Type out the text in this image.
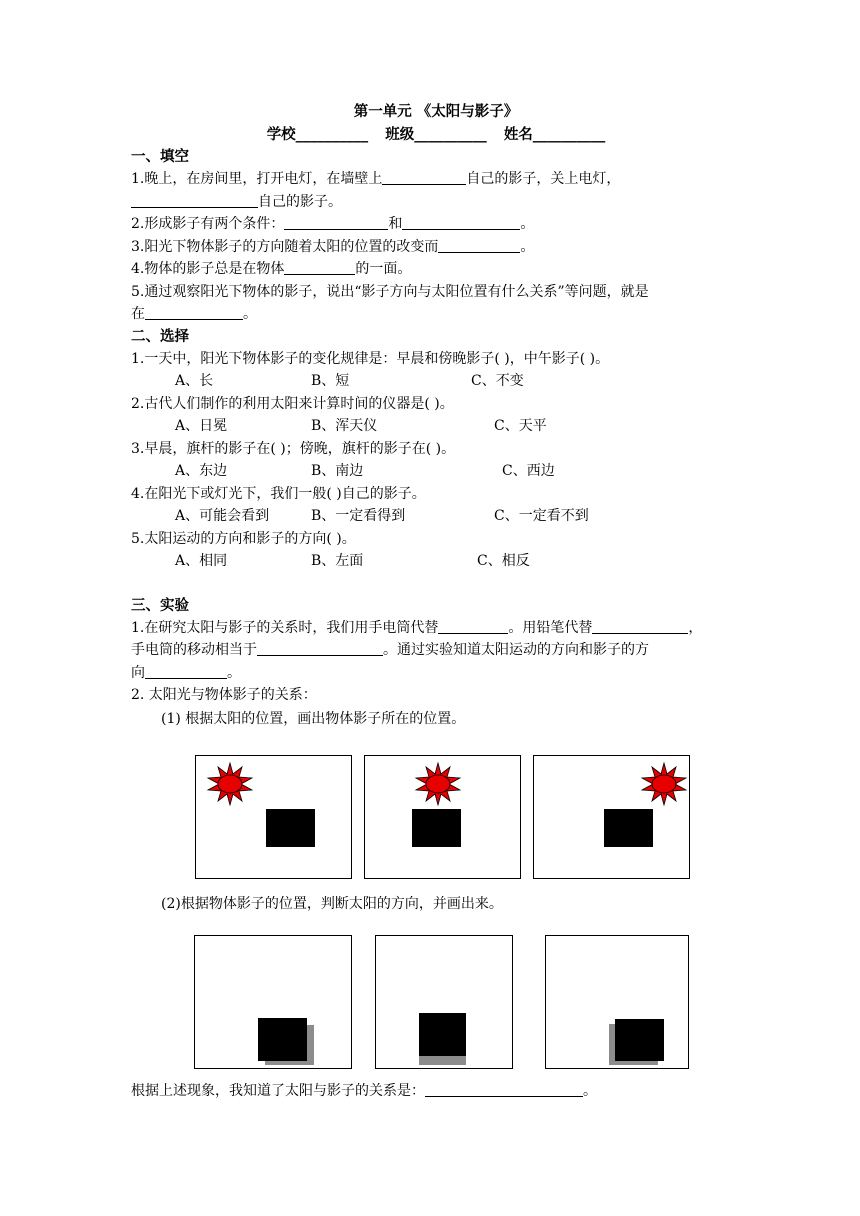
第一单元 《太阳与影子》
学校__________ 班级__________ 姓名__________
一、填空
1.晚上，在房间里，打开电灯，在墙壁上	自己的影子，关上电灯，
自己的影子。
2.形成影子有两个条件：	和	。
3.阳光下物体影子的方向随着太阳的位置的改变而	。
4.物体的影子总是在物体	的一面。
5.通过观察阳光下物体的影子，说出“影子方向与太阳位置有什么关系”等问题，就是
在	。
二、选择
1.一天中，阳光下物体影子的变化规律是：早晨和傍晚影子( )，中午影子( )。
A、长	B、短	C、不变
2.古代人们制作的利用太阳来计算时间的仪器是( )。
A、日冕	B、浑天仪	C、天平
3.早晨，旗杆的影子在( )；傍晚，旗杆的影子在( )。
A、东边	B、南边	C、西边
4.在阳光下或灯光下，我们一般( )自己的影子。
A、可能会看到	B、一定看得到	C、一定看不到
5.太阳运动的方向和影子的方向( )。
A、相同	B、左面	C、相反
三、实验
1.在研究太阳与影子的关系时，我们用手电筒代替	。用铅笔代替	，
手电筒的移动相当于	。通过实验知道太阳运动的方向和影子的方
向	。
2. 太阳光与物体影子的关系：
(1) 根据太阳的位置，画出物体影子所在的位置。
(2)根据物体影子的位置，判断太阳的方向，并画出来。
根据上述现象，我知道了太阳与影子的关系是：	。
